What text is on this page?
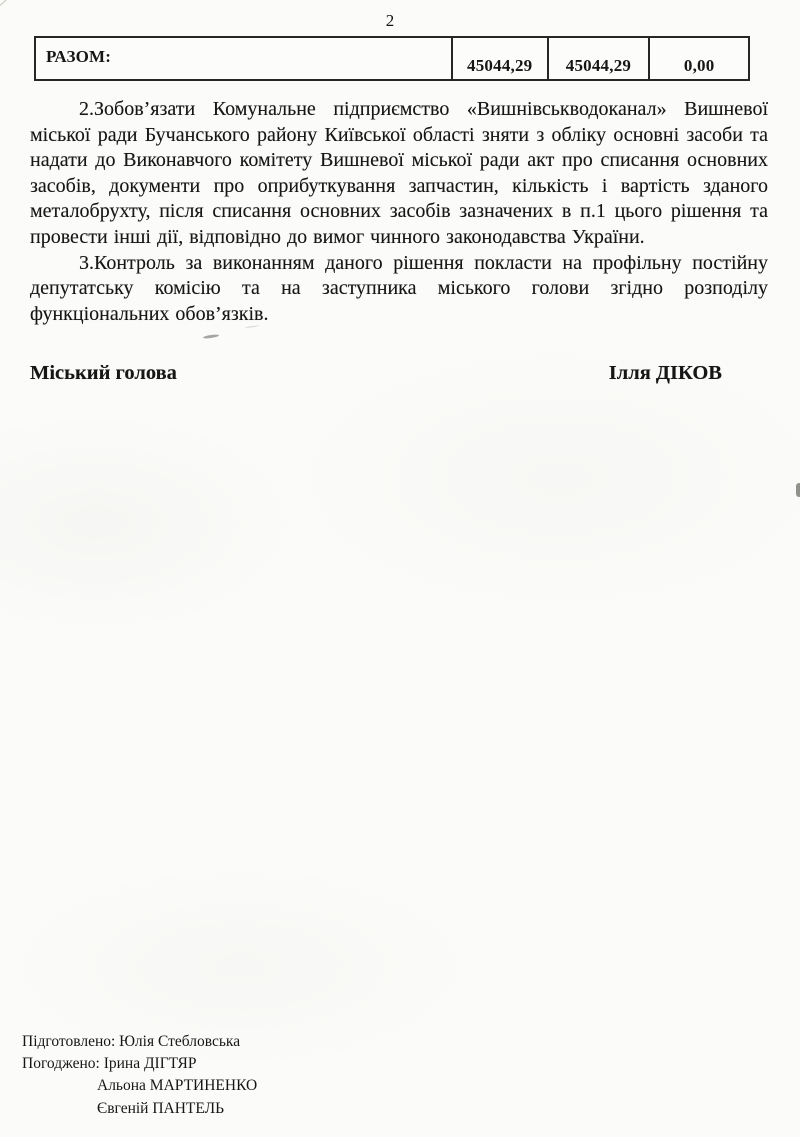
2
РАЗОМ:	45044,29 45044,29	0,00

2.Зобов’язати Комунальне підприємство «Вишнівськводоканал» Вишневої міської ради Бучанського району Київської області зняти з обліку основні засоби та надати до Виконавчого комітету Вишневої міської ради акт про списання основних засобів, документи про оприбуткування запчастин, кількість і вартість зданого металобрухту, після списання основних засобів зазначених в п.1 цього рішення та провести інші дії, відповідно до вимог чинного законодавства України.

3.Контроль за виконанням даного рішення покласти на профільну постійну депутатську комісію та на заступника міського голови згідно розподілу функціональних обов’язків.

Міський голова	Ілля ДІКОВ
Підготовлено: Юлія Стебловська
Погоджено: Ірина ДІГТЯР
Альона МАРТИНЕНКО
Євгеній ПАНТЕЛЬ
